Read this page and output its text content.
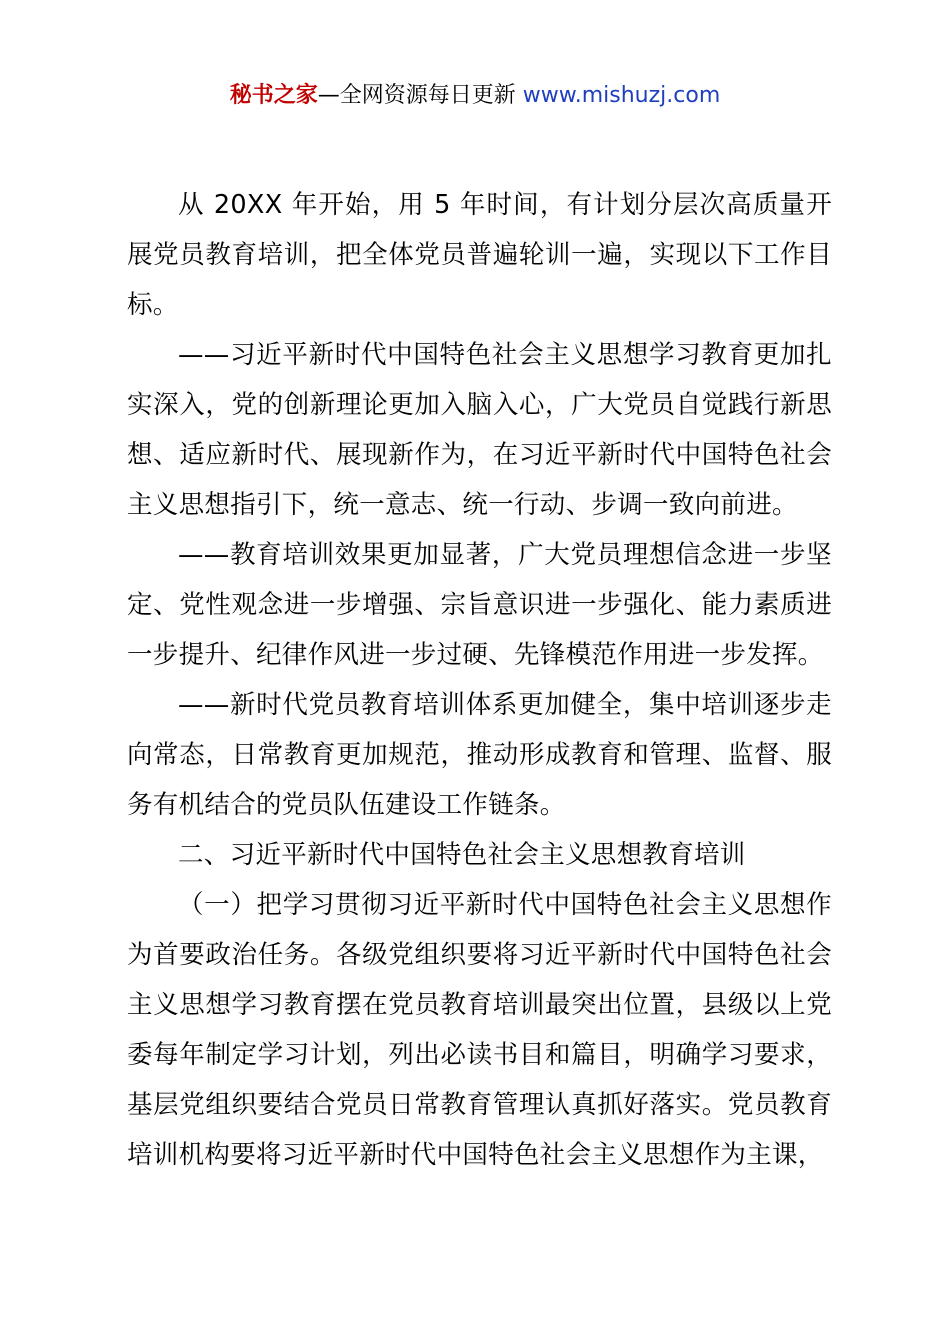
秘书之家—全网资源每日更新 www.mishuzj.com

从 20XX 年开始，用 5 年时间，有计划分层次高质量开展党员教育培训，把全体党员普遍轮训一遍，实现以下工作目标。

——习近平新时代中国特色社会主义思想学习教育更加扎实深入，党的创新理论更加入脑入心，广大党员自觉践行新思想、适应新时代、展现新作为，在习近平新时代中国特色社会主义思想指引下，统一意志、统一行动、步调一致向前进。

——教育培训效果更加显著，广大党员理想信念进一步坚定、党性观念进一步增强、宗旨意识进一步强化、能力素质进一步提升、纪律作风进一步过硬、先锋模范作用进一步发挥。

——新时代党员教育培训体系更加健全，集中培训逐步走向常态，日常教育更加规范，推动形成教育和管理、监督、服务有机结合的党员队伍建设工作链条。

二、习近平新时代中国特色社会主义思想教育培训

（一）把学习贯彻习近平新时代中国特色社会主义思想作为首要政治任务。各级党组织要将习近平新时代中国特色社会主义思想学习教育摆在党员教育培训最突出位置，县级以上党委每年制定学习计划，列出必读书目和篇目，明确学习要求，基层党组织要结合党员日常教育管理认真抓好落实。党员教育培训机构要将习近平新时代中国特色社会主义思想作为主课，
